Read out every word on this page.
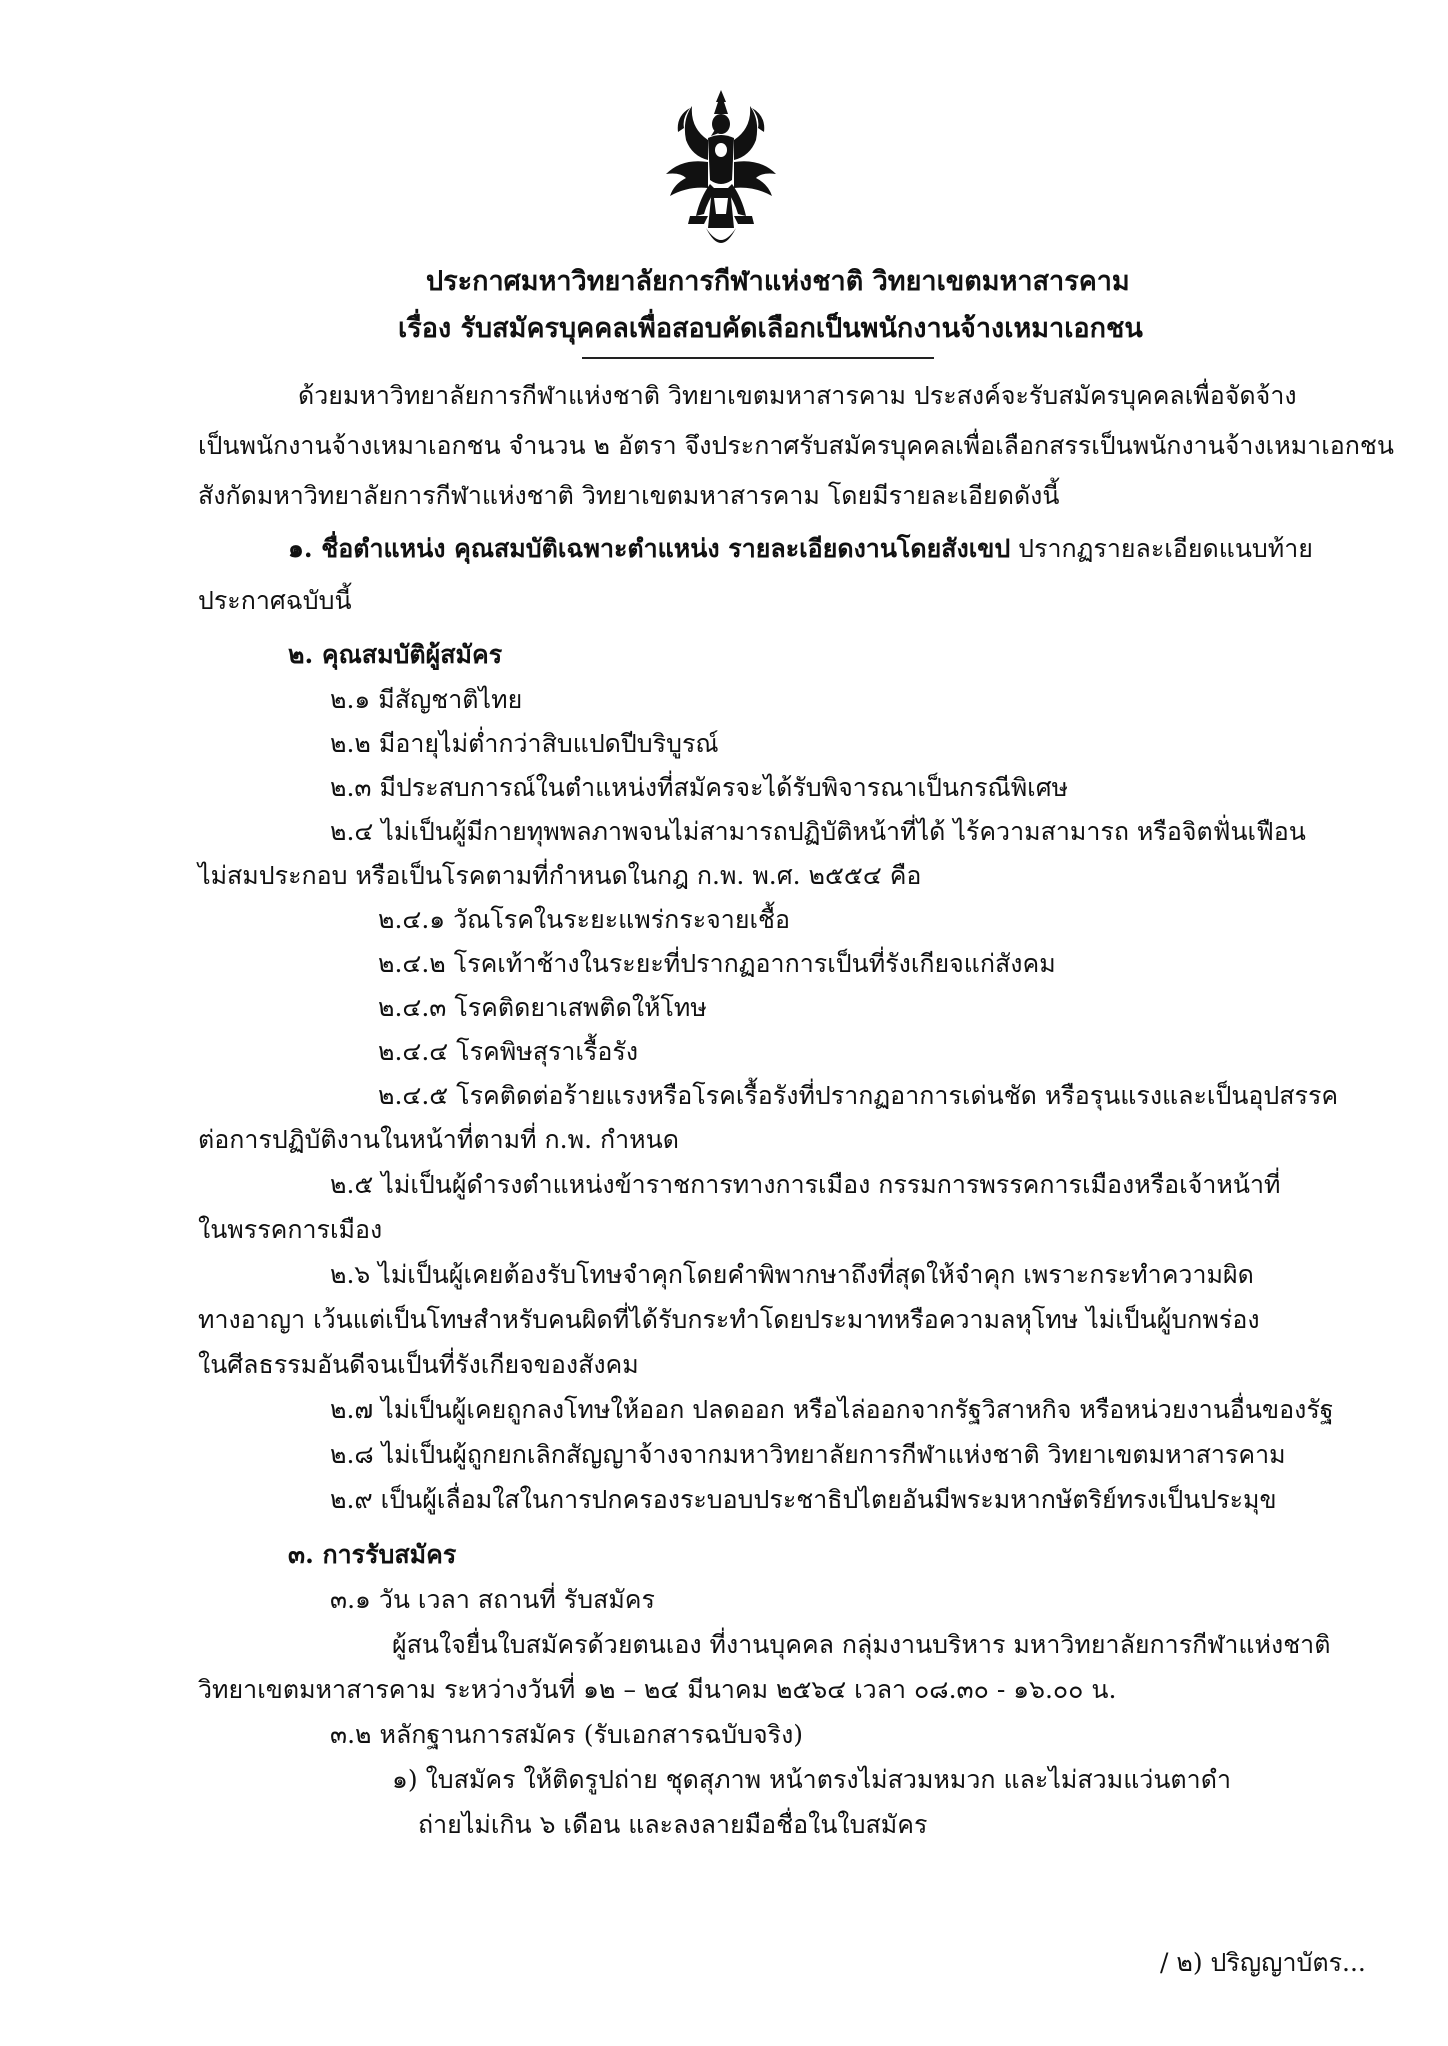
ประกาศมหาวิทยาลัยการกีฬาแห่งชาติ วิทยาเขตมหาสารคาม
เรื่อง รับสมัครบุคคลเพื่อสอบคัดเลือกเป็นพนักงานจ้างเหมาเอกชน
ด้วยมหาวิทยาลัยการกีฬาแห่งชาติ วิทยาเขตมหาสารคาม ประสงค์จะรับสมัครบุคคลเพื่อจัดจ้าง
เป็นพนักงานจ้างเหมาเอกชน จำนวน ๒ อัตรา จึงประกาศรับสมัครบุคคลเพื่อเลือกสรรเป็นพนักงานจ้างเหมาเอกชน
สังกัดมหาวิทยาลัยการกีฬาแห่งชาติ วิทยาเขตมหาสารคาม โดยมีรายละเอียดดังนี้
๑. ชื่อตำแหน่ง คุณสมบัติเฉพาะตำแหน่ง รายละเอียดงานโดยสังเขป ปรากฏรายละเอียดแนบท้าย
ประกาศฉบับนี้
๒. คุณสมบัติผู้สมัคร
๒.๑ มีสัญชาติไทย
๒.๒ มีอายุไม่ต่ำกว่าสิบแปดปีบริบูรณ์
๒.๓ มีประสบการณ์ในตำแหน่งที่สมัครจะได้รับพิจารณาเป็นกรณีพิเศษ
๒.๔ ไม่เป็นผู้มีกายทุพพลภาพจนไม่สามารถปฏิบัติหน้าที่ได้ ไร้ความสามารถ หรือจิตฟั่นเฟือน
ไม่สมประกอบ หรือเป็นโรคตามที่กำหนดในกฎ ก.พ. พ.ศ. ๒๕๕๔ คือ
๒.๔.๑ วัณโรคในระยะแพร่กระจายเชื้อ
๒.๔.๒ โรคเท้าช้างในระยะที่ปรากฏอาการเป็นที่รังเกียจแก่สังคม
๒.๔.๓ โรคติดยาเสพติดให้โทษ
๒.๔.๔ โรคพิษสุราเรื้อรัง
๒.๔.๕ โรคติดต่อร้ายแรงหรือโรคเรื้อรังที่ปรากฏอาการเด่นชัด หรือรุนแรงและเป็นอุปสรรค
ต่อการปฏิบัติงานในหน้าที่ตามที่ ก.พ. กำหนด
๒.๕ ไม่เป็นผู้ดำรงตำแหน่งข้าราชการทางการเมือง กรรมการพรรคการเมืองหรือเจ้าหน้าที่
ในพรรคการเมือง
๒.๖ ไม่เป็นผู้เคยต้องรับโทษจำคุกโดยคำพิพากษาถึงที่สุดให้จำคุก เพราะกระทำความผิด
ทางอาญา เว้นแต่เป็นโทษสำหรับคนผิดที่ได้รับกระทำโดยประมาทหรือความลหุโทษ ไม่เป็นผู้บกพร่อง
ในศีลธรรมอันดีจนเป็นที่รังเกียจของสังคม
๒.๗ ไม่เป็นผู้เคยถูกลงโทษให้ออก ปลดออก หรือไล่ออกจากรัฐวิสาหกิจ หรือหน่วยงานอื่นของรัฐ
๒.๘ ไม่เป็นผู้ถูกยกเลิกสัญญาจ้างจากมหาวิทยาลัยการกีฬาแห่งชาติ วิทยาเขตมหาสารคาม
๒.๙ เป็นผู้เลื่อมใสในการปกครองระบอบประชาธิปไตยอันมีพระมหากษัตริย์ทรงเป็นประมุข
๓. การรับสมัคร
๓.๑ วัน เวลา สถานที่ รับสมัคร
ผู้สนใจยื่นใบสมัครด้วยตนเอง ที่งานบุคคล กลุ่มงานบริหาร มหาวิทยาลัยการกีฬาแห่งชาติ
วิทยาเขตมหาสารคาม ระหว่างวันที่ ๑๒ – ๒๔ มีนาคม ๒๕๖๔ เวลา ๐๘.๓๐ - ๑๖.๐๐ น.
๓.๒ หลักฐานการสมัคร (รับเอกสารฉบับจริง)
๑) ใบสมัคร ให้ติดรูปถ่าย ชุดสุภาพ หน้าตรงไม่สวมหมวก และไม่สวมแว่นตาดำ
ถ่ายไม่เกิน ๖ เดือน และลงลายมือชื่อในใบสมัคร
/ ๒) ปริญญาบัตร...
